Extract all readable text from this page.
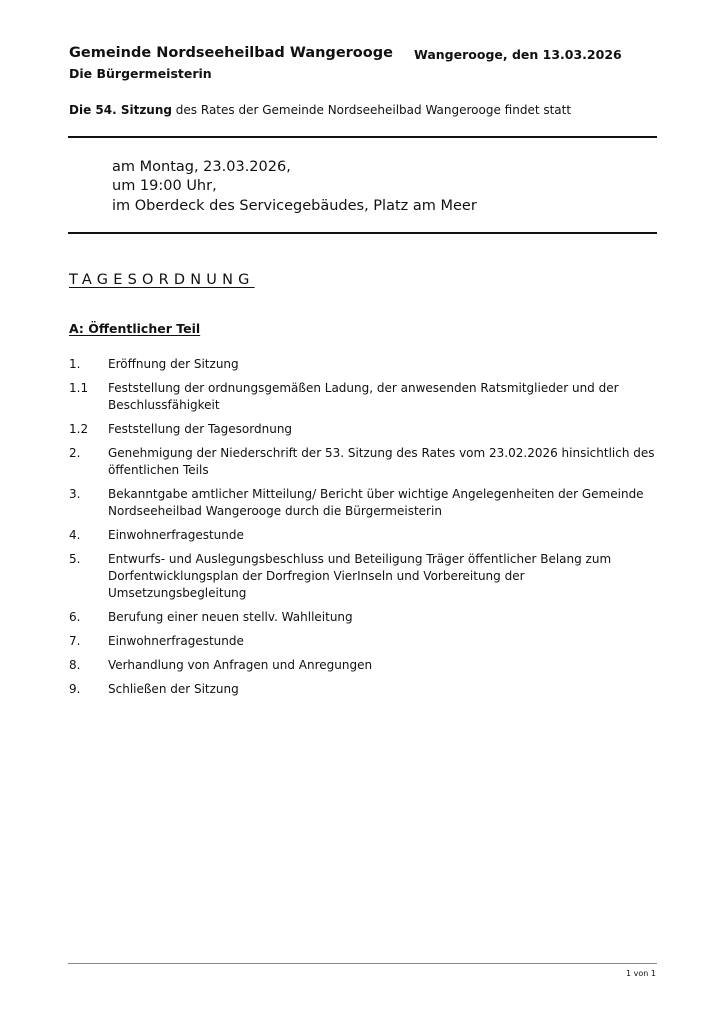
Gemeinde Nordseeheilbad Wangerooge Wangerooge, den 13.03.2026
Die Bürgermeisterin
Die 54. Sitzung des Rates der Gemeinde Nordseeheilbad Wangerooge findet statt
am Montag, 23.03.2026,
um 19:00 Uhr,
im Oberdeck des Servicegebäudes, Platz am Meer
TAGESORDNUNG
A: Öffentlicher Teil
1.	Eröffnung der Sitzung
1.1	Feststellung der ordnungsgemäßen Ladung, der anwesenden Ratsmitglieder und der Beschlussfähigkeit
1.2	Feststellung der Tagesordnung
2.	Genehmigung der Niederschrift der 53. Sitzung des Rates vom 23.02.2026 hinsichtlich des öffentlichen Teils
3.	Bekanntgabe amtlicher Mitteilung/ Bericht über wichtige Angelegenheiten der Gemeinde Nordseeheilbad Wangerooge durch die Bürgermeisterin
4.	Einwohnerfragestunde
5.	Entwurfs- und Auslegungsbeschluss und Beteiligung Träger öffentlicher Belang zum Dorfentwicklungsplan der Dorfregion VierInseln und Vorbereitung der Umsetzungsbegleitung
6.	Berufung einer neuen stellv. Wahlleitung
7.	Einwohnerfragestunde
8.	Verhandlung von Anfragen und Anregungen
9.	Schließen der Sitzung
1 von 1
